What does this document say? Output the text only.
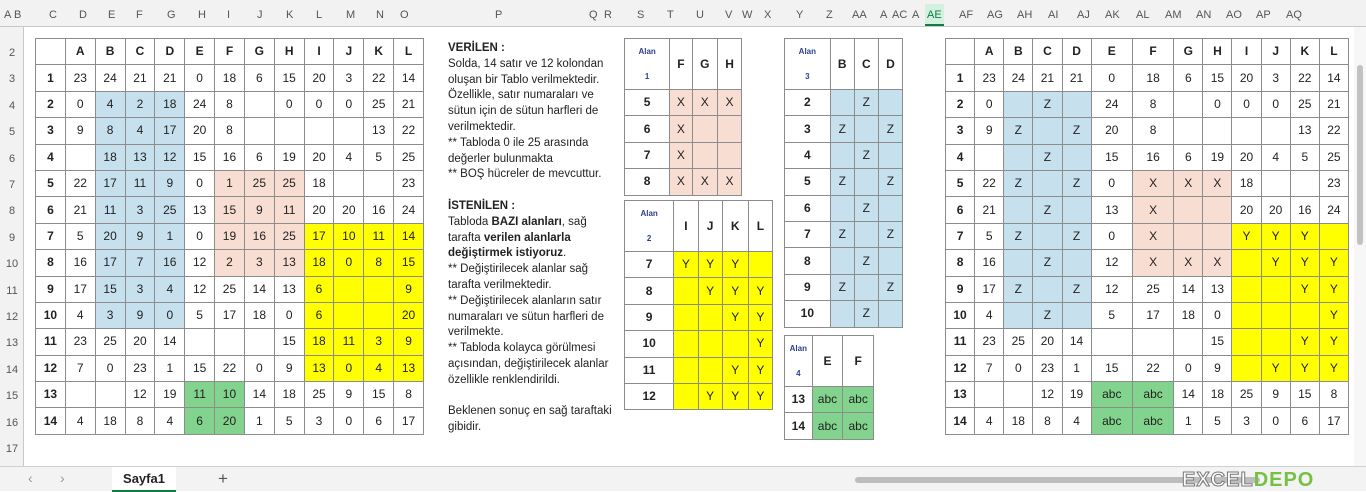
A B	C D E F G H I J K L M N O	P	Q R S T U V W X Y Z AA A AC A AE AF AG AH AI AJ AK AL AM AN AO AP AQ
2
3
4
5
6
7
8
9
10
11
12
13
14
15
16
17
	A	B	C	D	E	F	G	H	I	J	K	L
1	23	24	21	21	0	18	6	15	20	3	22	14
2	0	4	2	18	24	8		0	0	0	25	21
3	9	8	4	17	20	8					13	22
4		18	13	12	15	16	6	19	20	4	5	25
5	22	17	11	9	0	1	25	25	18			23
6	21	11	3	25	13	15	9	11	20	20	16	24
7	5	20	9	1	0	19	16	25	17	10	11	14
8	16	17	7	16	12	2	3	13	18	0	8	15
9	17	15	3	4	12	25	14	13	6			9
10	4	3	9	0	5	17	18	0	6			20
11	23	25	20	14				15	18	11	3	9
12	7	0	23	1	15	22	0	9	13	0	4	13
13			12	19	11	10	14	18	25	9	15	8
14	4	18	8	4	6	20	1	5	3	0	6	17
VERİLEN :
Solda, 14 satır ve 12 kolondan oluşan bir Tablo verilmektedir. Özellikle, satır numaraları ve sütun için de sütun harfleri de verilmektedir.
** Tabloda 0 ile 25 arasında değerler bulunmakta
** BOŞ hücreler de mevcuttur.
İSTENİLEN :
Tabloda BAZI alanları, sağ tarafta verilen alanlarla değiştirmek istiyoruz.
** Değiştirilecek alanlar sağ tarafta verilmektedir.
** Değiştirilecek alanların satır numaraları ve sütun harfleri de verilmekte.
** Tabloda kolayca görülmesi açısından, değiştirilecek alanlar özellikle renklendirildi.
Beklenen sonuç en sağ taraftaki gibidir.
Alan
1	F	G	H
5	X	X	X
6	X		
7	X		
8	X	X	X
Alan
2	I	J	K	L
7	Y	Y	Y	
8		Y	Y	Y
9			Y	Y
10				Y
11			Y	Y
12		Y	Y	Y
Alan
3	B	C	D
2		Z	
3	Z		Z
4		Z	
5	Z		Z
6		Z	
7	Z		Z
8		Z	
9	Z		Z
10		Z	
Alan
4	E	F
13	abc	abc
14	abc	abc
	A	B	C	D	E	F	G	H	I	J	K	L
1	23	24	21	21	0	18	6	15	20	3	22	14
2	0		Z		24	8		0	0	0	25	21
3	9	Z		Z	20	8					13	22
4			Z		15	16	6	19	20	4	5	25
5	22	Z		Z	0	X	X	X	18			23
6	21		Z		13	X			20	20	16	24
7	5	Z		Z	0	X			Y	Y	Y	
8	16		Z		12	X	X	X		Y	Y	Y
9	17	Z		Z	12	25	14	13			Y	Y
10	4		Z		5	17	18	0				Y
11	23	25	20	14				15			Y	Y
12	7	0	23	1	15	22	0	9		Y	Y	Y
13			12	19	abc	abc	14	18	25	9	15	8
14	4	18	8	4	abc	abc	1	5	3	0	6	17
‹ ›	Sayfa1	+	EXCELDEPO
